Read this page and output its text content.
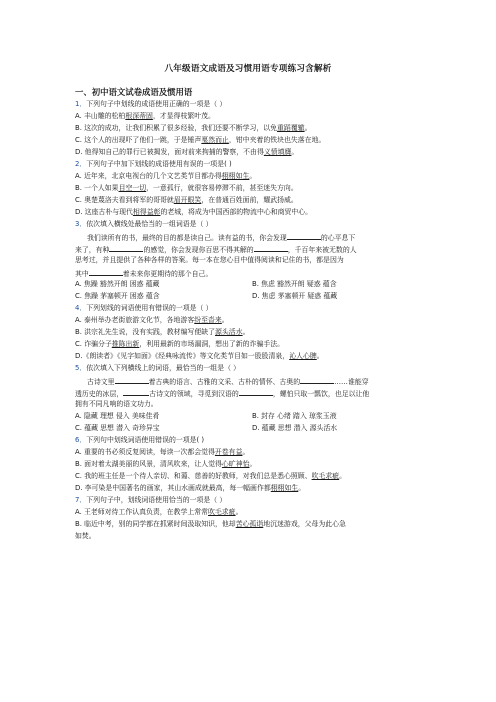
八年级语文成语及习惯用语专项练习含解析
一、初中语文试卷成语及惯用语
1．下列句子中划线的成语使用正确的一项是（ ）
A. 丰山雕的松柏根深蒂固，才显得枝繁叶茂。
B. 这次的成功，让我们积累了很多经验，我们还要不断学习，以免重蹈覆辙。
C. 这个人的出现吓了他们一跳，于是锤声戛然而止，钳中夹着的铁块也失落在地。
D. 他得知自己的罪行已被揭发，面对前来拘捕的警察，不由得义愤填膺。
2．下列句子中加下划线的成语使用有误的一项是( )
A. 近年来，北京电视台的几个文艺类节目都办得栩栩如生。
B. 一个人如果目空一切，一意孤行，就很容易停滞不前，甚至迷失方向。
C. 奥楚蔑洛夫看到将军的哥哥就眉开眼笑，在普通百姓面前，耀武扬威。
D. 这座古朴与现代相得益彰的老城，将成为中国西部的物流中心和商贸中心。
3．依次填入横线处最恰当的一组词语是（ ）
我们读所有的书，最终的目的都是读自己。读有益的书，你会发现	的心平息下
来了，有种	的感觉，你会发现你百思不得其解的	，千百年来被无数的人
思考过，并且提供了各种各样的答案。每一本在您心目中值得阅读和记住的书，都是因为
其中	着未来你更期待的那个自己。
A. 焦躁 豁然开朗 困惑 蕴藏	B. 焦虑 豁然开朗 疑惑 蕴含
C. 焦躁 茅塞顿开 困惑 蕴含	D. 焦虑 茅塞顿开 疑惑 蕴藏
4．下列划线的词语使用有错误的一项是（ ）
A. 泰州举办老街旅游文化节，各地游客纷至沓来。
B. 洪宗礼先生说，没有实践，教材编写便缺了源头活水。
C. 诈骗分子推陈出新，利用最新的市场漏洞，想出了新的诈骗手法。
D.《朗读者》《见字如面》《经典咏流传》等文化类节目如一股股清泉，沁人心脾。
5．依次填入下列横线上的词语，最恰当的一组是（ ）
古诗文里	着古典的语言、古雅的文采、古朴的情怀、古奥的	……谁能穿
透历史的冰层，	古诗文的领域，寻觅到汉语的	，螺怕只取一瓢饮，也足以让他
拥有不同凡响的语文功力。
A. 隐藏 理想 侵入 美味佳肴	B. 封存 心绪 踏入 琼浆玉液
C. 蕴藏 思想 潜入 奇珍异宝	D. 蕴藏 思想 潜入 源头活水
6．下列句中划线词语使用错误的一项是( )
A. 重要的书必须反复阅读，每读一次都会觉得开卷有益。
B. 面对着太湖美丽的风景，清风吹来，让人觉得心旷神怡。
C. 我的班主任是一个待人亲切、和蔼、慈善的好教师，对我们总是悉心照顾、吹毛求疵。
D. 李可染是中国著名的画家，其山水画成就最高，每一幅画作都栩栩如生。
7．下列句子中，划线词语使用恰当的一项是（ ）
A. 王老师对待工作认真负责，在教学上常常吹毛求疵。
B. 临近中考，别的同学都在抓紧时间汲取知识，他却苦心孤诣地沉迷游戏，父母为此心急
如焚。
